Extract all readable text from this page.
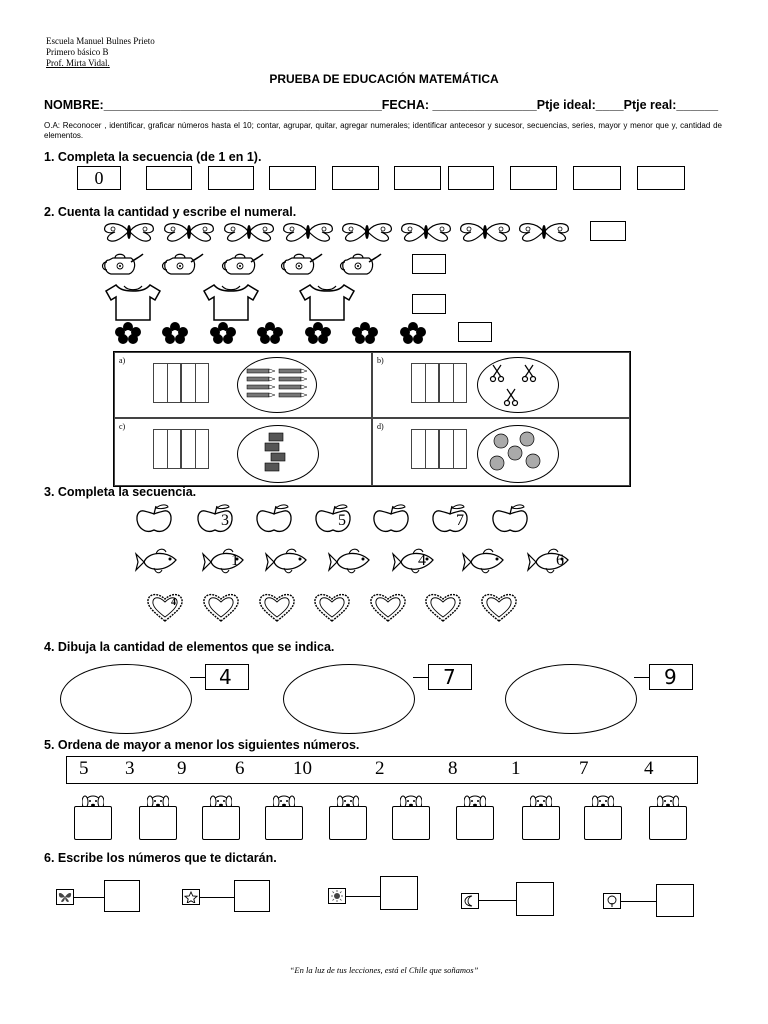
Escuela Manuel Bulnes Prieto
Primero básico B
Prof. Mirta Vidal.
PRUEBA DE EDUCACIÓN MATEMÁTICA
NOMBRE:________________________________________FECHA: _______________Ptje ideal:____Ptje real:______
O.A: Reconocer , identificar, graficar números hasta el 10; contar, agrupar, quitar, agregar numerales; identificar antecesor y sucesor, secuencias, series, mayor y menor que y, cantidad de elementos.
1. Completa la secuencia (de 1 en 1).
0
2. Cuenta la cantidad y escribe el numeral.
a)	b)
c)	d)
3. Completa la secuencia.
3	5	7
1	4	6
4
4. Dibuja la cantidad de elementos que se indica.
4	7	9
5. Ordena de mayor a menor los siguientes números.
5 3 9	6	10	2	8	1	7	4
6. Escribe los números que te dictarán.
“En la luz de tus lecciones, está el Chile que soñamos”
